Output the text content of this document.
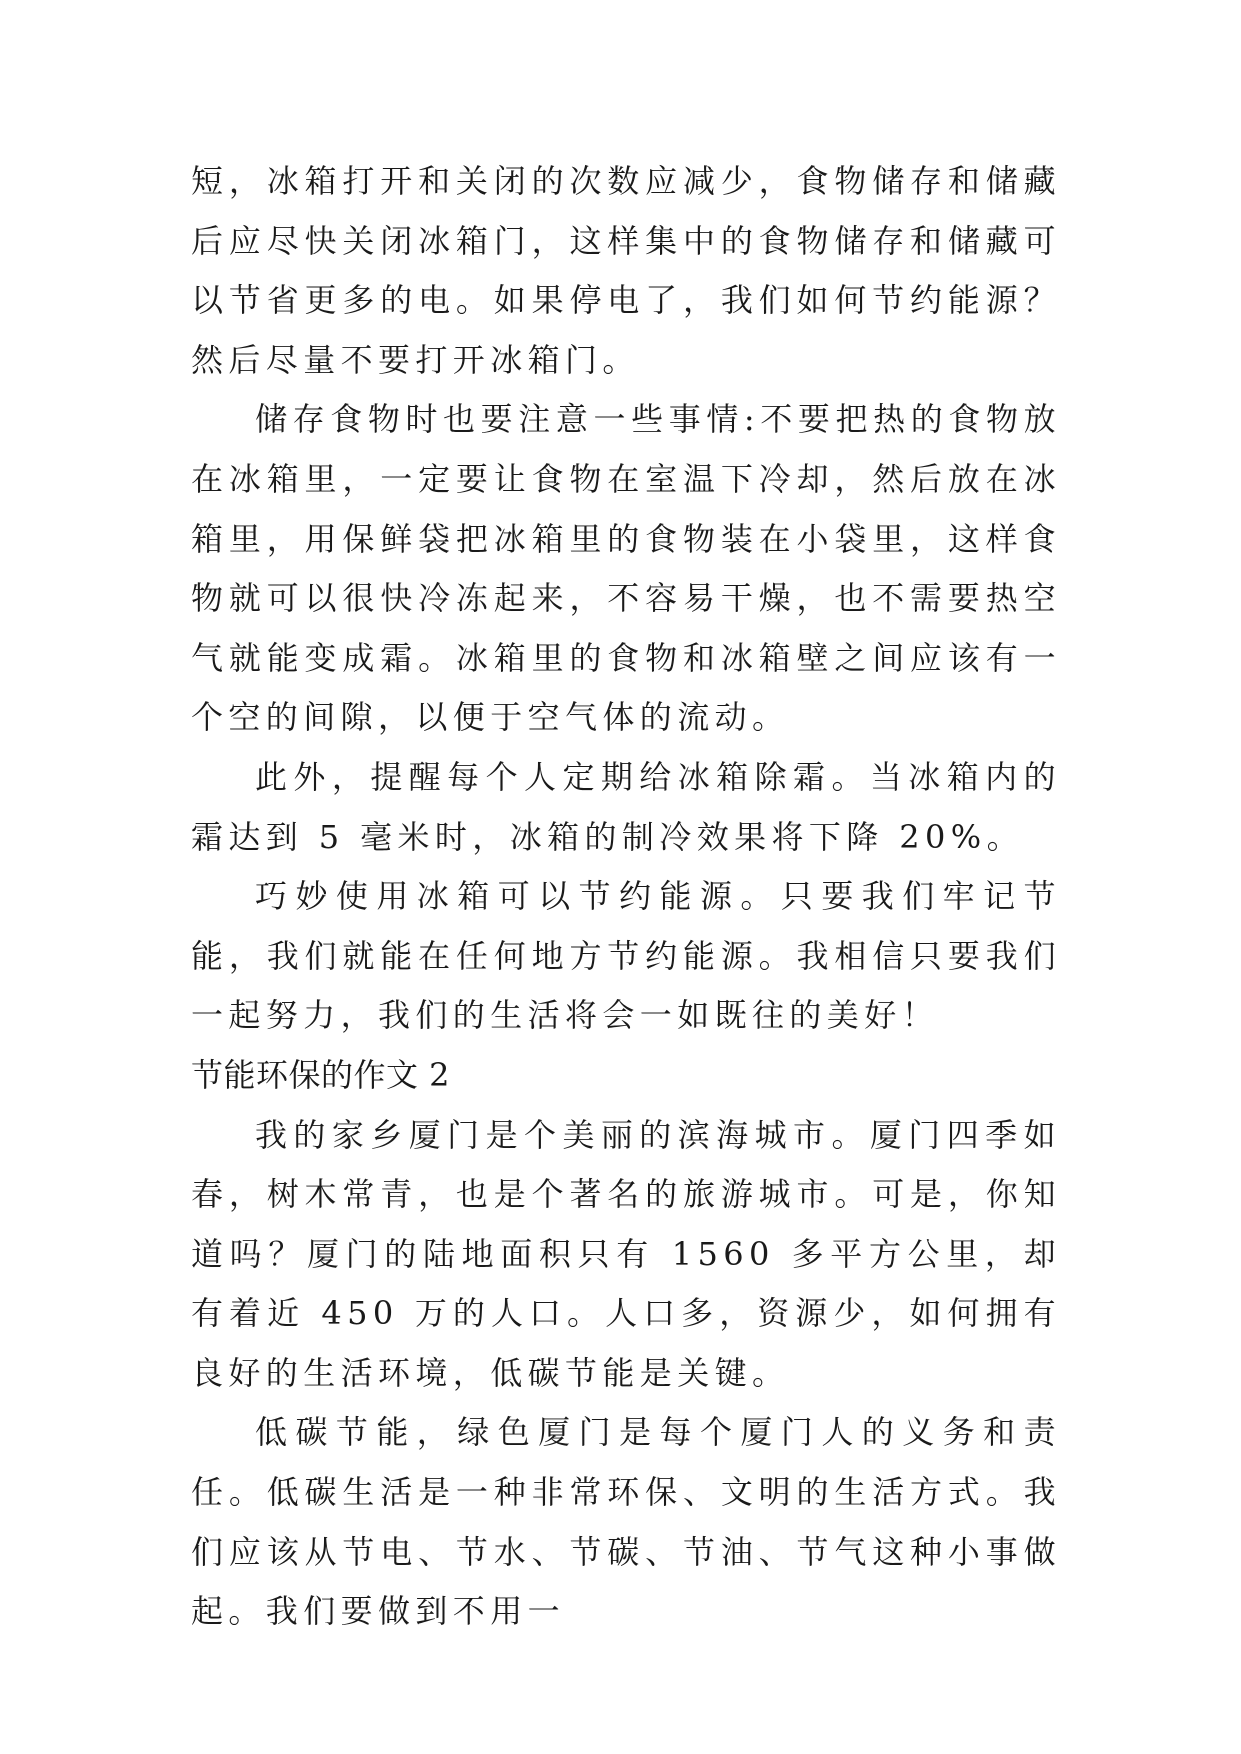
短，冰箱打开和关闭的次数应减少，食物储存和储藏后应尽快关闭冰箱门，这样集中的食物储存和储藏可以节省更多的电。如果停电了，我们如何节约能源？然后尽量不要打开冰箱门。

储存食物时也要注意一些事情:不要把热的食物放在冰箱里，一定要让食物在室温下冷却，然后放在冰箱里，用保鲜袋把冰箱里的食物装在小袋里，这样食物就可以很快冷冻起来，不容易干燥，也不需要热空气就能变成霜。冰箱里的食物和冰箱壁之间应该有一个空的间隙，以便于空气体的流动。

此外，提醒每个人定期给冰箱除霜。当冰箱内的霜达到 5 毫米时，冰箱的制冷效果将下降 20%。

巧妙使用冰箱可以节约能源。只要我们牢记节能，我们就能在任何地方节约能源。我相信只要我们一起努力，我们的生活将会一如既往的美好！

节能环保的作文 2

我的家乡厦门是个美丽的滨海城市。厦门四季如春，树木常青，也是个著名的旅游城市。可是，你知道吗？厦门的陆地面积只有 1560 多平方公里，却有着近 450 万的人口。人口多，资源少，如何拥有良好的生活环境，低碳节能是关键。

低碳节能，绿色厦门是每个厦门人的义务和责任。低碳生活是一种非常环保、文明的生活方式。我们应该从节电、节水、节碳、节油、节气这种小事做起。我们要做到不用一
